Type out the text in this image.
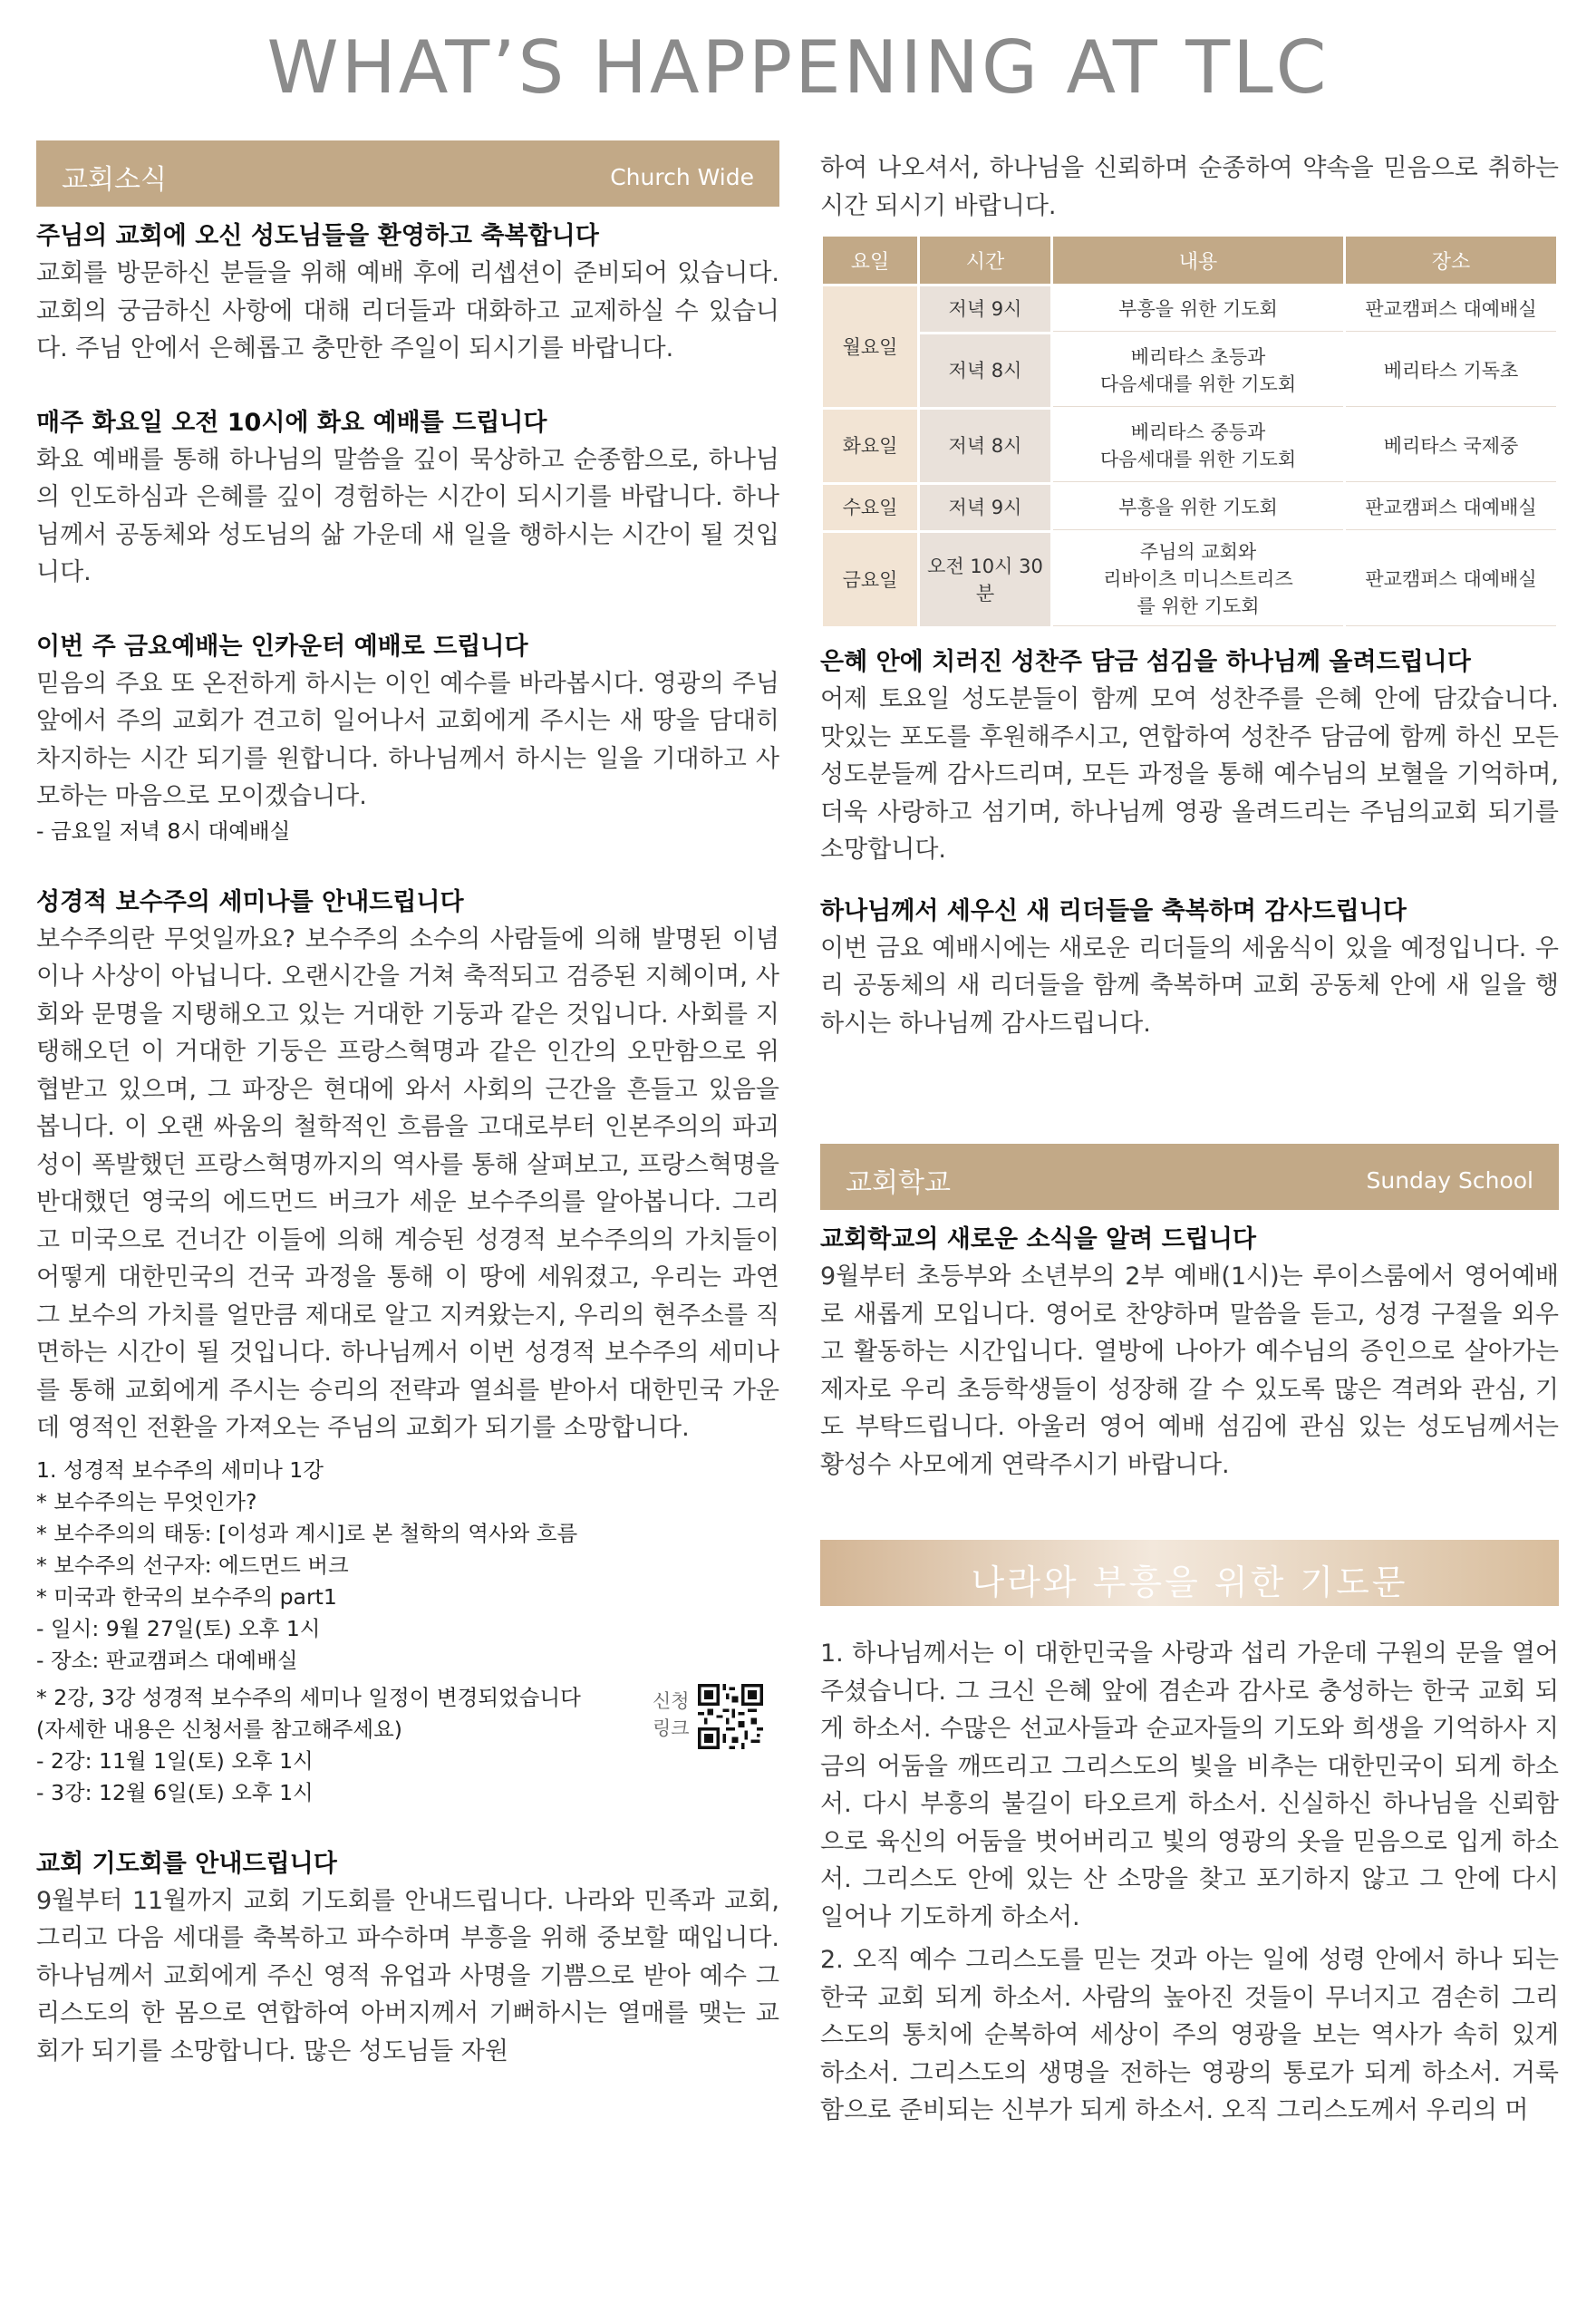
WHAT’S HAPPENING AT TLC
교회소식	Church Wide
주님의 교회에 오신 성도님들을 환영하고 축복합니다

교회를 방문하신 분들을 위해 예배 후에 리셉션이 준비되어 있습니다. 교회의 궁금하신 사항에 대해 리더들과 대화하고 교제하실 수 있습니다. 주님 안에서 은혜롭고 충만한 주일이 되시기를 바랍니다.

매주 화요일 오전 10시에 화요 예배를 드립니다

화요 예배를 통해 하나님의 말씀을 깊이 묵상하고 순종함으로, 하나님의 인도하심과 은혜를 깊이 경험하는 시간이 되시기를 바랍니다. 하나님께서 공동체와 성도님의 삶 가운데 새 일을 행하시는 시간이 될 것입니다.

이번 주 금요예배는 인카운터 예배로 드립니다

믿음의 주요 또 온전하게 하시는 이인 예수를 바라봅시다. 영광의 주님 앞에서 주의 교회가 견고히 일어나서 교회에게 주시는 새 땅을 담대히 차지하는 시간 되기를 원합니다. 하나님께서 하시는 일을 기대하고 사모하는 마음으로 모이겠습니다.

- 금요일 저녁 8시 대예배실

성경적 보수주의 세미나를 안내드립니다

보수주의란 무엇일까요? 보수주의 소수의 사람들에 의해 발명된 이념이나 사상이 아닙니다. 오랜시간을 거쳐 축적되고 검증된 지혜이며, 사회와 문명을 지탱해오고 있는 거대한 기둥과 같은 것입니다. 사회를 지탱해오던 이 거대한 기둥은 프랑스혁명과 같은 인간의 오만함으로 위협받고 있으며, 그 파장은 현대에 와서 사회의 근간을 흔들고 있음을 봅니다. 이 오랜 싸움의 철학적인 흐름을 고대로부터 인본주의의 파괴성이 폭발했던 프랑스혁명까지의 역사를 통해 살펴보고, 프랑스혁명을 반대했던 영국의 에드먼드 버크가 세운 보수주의를 알아봅니다. 그리고 미국으로 건너간 이들에 의해 계승된 성경적 보수주의의 가치들이 어떻게 대한민국의 건국 과정을 통해 이 땅에 세워졌고, 우리는 과연 그 보수의 가치를 얼만큼 제대로 알고 지켜왔는지, 우리의 현주소를 직면하는 시간이 될 것입니다. 하나님께서 이번 성경적 보수주의 세미나를 통해 교회에게 주시는 승리의 전략과 열쇠를 받아서 대한민국 가운데 영적인 전환을 가져오는 주님의 교회가 되기를 소망합니다.

1. 성경적 보수주의 세미나 1강

* 보수주의는 무엇인가?

* 보수주의의 태동: [이성과 계시]로 본 철학의 역사와 흐름

* 보수주의 선구자: 에드먼드 버크

* 미국과 한국의 보수주의 part1

- 일시: 9월 27일(토) 오후 1시

- 장소: 판교캠퍼스 대예배실

* 2강, 3강 성경적 보수주의 세미나 일정이 변경되었습니다

(자세한 내용은 신청서를 참고해주세요)

- 2강: 11월 1일(토) 오후 1시

- 3강: 12월 6일(토) 오후 1시

신청
링크
교회 기도회를 안내드립니다

9월부터 11월까지 교회 기도회를 안내드립니다. 나라와 민족과 교회, 그리고 다음 세대를 축복하고 파수하며 부흥을 위해 중보할 때입니다. 하나님께서 교회에게 주신 영적 유업과 사명을 기쁨으로 받아 예수 그리스도의 한 몸으로 연합하여 아버지께서 기뻐하시는 열매를 맺는 교회가 되기를 소망합니다. 많은 성도님들 자원

하여 나오셔서, 하나님을 신뢰하며 순종하여 약속을 믿음으로 취하는 시간 되시기 바랍니다.

요일	시간	내용	장소
월요일	저녁 9시	부흥을 위한 기도회	판교캠퍼스 대예배실
	저녁 8시	베리타스 초등과
다음세대를 위한 기도회	베리타스 기독초
화요일	저녁 8시	베리타스 중등과
다음세대를 위한 기도회	베리타스 국제중
수요일	저녁 9시	부흥을 위한 기도회	판교캠퍼스 대예배실
금요일	오전 10시 30분	주님의 교회와
리바이츠 미니스트리즈
를 위한 기도회	판교캠퍼스 대예배실
은혜 안에 치러진 성찬주 담금 섬김을 하나님께 올려드립니다

어제 토요일 성도분들이 함께 모여 성찬주를 은혜 안에 담갔습니다. 맛있는 포도를 후원해주시고, 연합하여 성찬주 담금에 함께 하신 모든 성도분들께 감사드리며, 모든 과정을 통해 예수님의 보혈을 기억하며, 더욱 사랑하고 섬기며, 하나님께 영광 올려드리는 주님의교회 되기를 소망합니다.

하나님께서 세우신 새 리더들을 축복하며 감사드립니다

이번 금요 예배시에는 새로운 리더들의 세움식이 있을 예정입니다. 우리 공동체의 새 리더들을 함께 축복하며 교회 공동체 안에 새 일을 행하시는 하나님께 감사드립니다.

교회학교	Sunday School
교회학교의 새로운 소식을 알려 드립니다

9월부터 초등부와 소년부의 2부 예배(1시)는 루이스룸에서 영어예배로 새롭게 모입니다. 영어로 찬양하며 말씀을 듣고, 성경 구절을 외우고 활동하는 시간입니다. 열방에 나아가 예수님의 증인으로 살아가는 제자로 우리 초등학생들이 성장해 갈 수 있도록 많은 격려와 관심, 기도 부탁드립니다. 아울러 영어 예배 섬김에 관심 있는 성도님께서는 황성수 사모에게 연락주시기 바랍니다.

나라와 부흥을 위한 기도문

1. 하나님께서는 이 대한민국을 사랑과 섭리 가운데 구원의 문을 열어주셨습니다. 그 크신 은혜 앞에 겸손과 감사로 충성하는 한국 교회 되게 하소서. 수많은 선교사들과 순교자들의 기도와 희생을 기억하사 지금의 어둠을 깨뜨리고 그리스도의 빛을 비추는 대한민국이 되게 하소서. 다시 부흥의 불길이 타오르게 하소서. 신실하신 하나님을 신뢰함으로 육신의 어둠을 벗어버리고 빛의 영광의 옷을 믿음으로 입게 하소서. 그리스도 안에 있는 산 소망을 찾고 포기하지 않고 그 안에 다시 일어나 기도하게 하소서.

2. 오직 예수 그리스도를 믿는 것과 아는 일에 성령 안에서 하나 되는 한국 교회 되게 하소서. 사람의 높아진 것들이 무너지고 겸손히 그리스도의 통치에 순복하여 세상이 주의 영광을 보는 역사가 속히 있게 하소서. 그리스도의 생명을 전하는 영광의 통로가 되게 하소서. 거룩함으로 준비되는 신부가 되게 하소서. 오직 그리스도께서 우리의 머
